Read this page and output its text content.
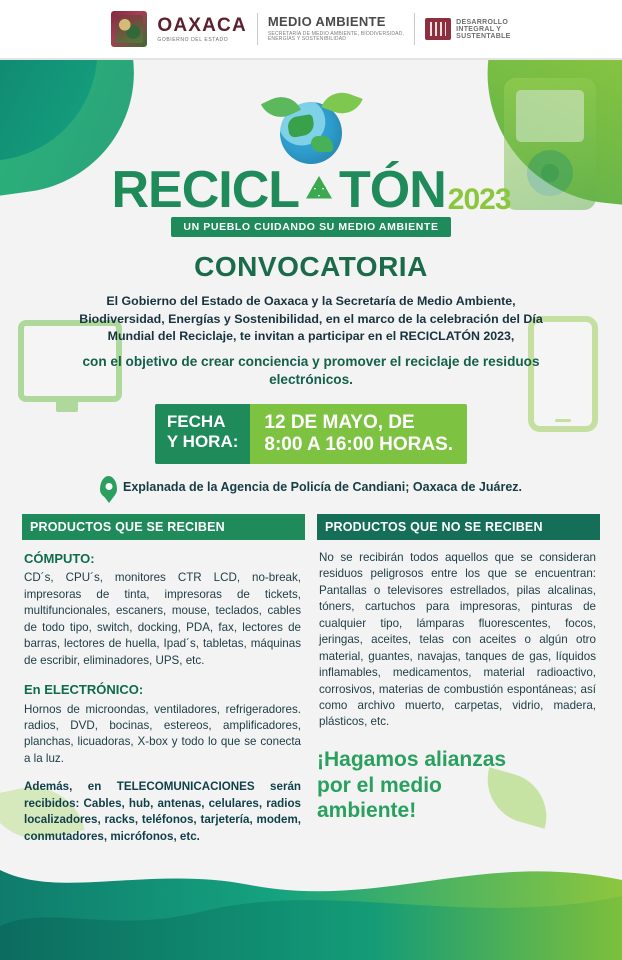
OAXACA
GOBIERNO DEL ESTADO
MEDIO AMBIENTE
SECRETARÍA DE MEDIO AMBIENTE, BIODIVERSIDAD,
ENERGÍAS Y SOSTENIBILIDAD
DESARROLLO
INTEGRAL Y
SUSTENTABLE
RECICL TÓN2023
UN PUEBLO CUIDANDO SU MEDIO AMBIENTE
CONVOCATORIA
El Gobierno del Estado de Oaxaca y la Secretaría de Medio Ambiente, Biodiversidad, Energías y Sostenibilidad, en el marco de la celebración del Día Mundial del Reciclaje, te invitan a participar en el RECICLATÓN 2023,
con el objetivo de crear conciencia y promover el reciclaje de residuos electrónicos.
FECHA
Y HORA:
12 DE MAYO, DE
8:00 A 16:00 HORAS.
Explanada de la Agencia de Policía de Candiani; Oaxaca de Juárez.
PRODUCTOS QUE SE RECIBEN
CÓMPUTO:
CD´s, CPU´s, monitores CTR LCD, no-break, impresoras de tinta, impresoras de tickets, multifuncionales, escaners, mouse, teclados, cables de todo tipo, switch, docking, PDA, fax, lectores de barras, lectores de huella, Ipad´s, tabletas, máquinas de escribir, eliminadores, UPS, etc.
En ELECTRÓNICO:
Hornos de microondas, ventiladores, refrigeradores. radios, DVD, bocinas, estereos, amplificadores, planchas, licuadoras, X-box y todo lo que se conecta a la luz.
Además, en TELECOMUNICACIONES serán recibidos: Cables, hub, antenas, celulares, radios localizadores, racks, teléfonos, tarjetería, modem, conmutadores, micrófonos, etc.
PRODUCTOS QUE NO SE RECIBEN
No se recibirán todos aquellos que se consideran residuos peligrosos entre los que se encuentran: Pantallas o televisores estrellados, pilas alcalinas, tóners, cartuchos para impresoras, pinturas de cualquier tipo, lámparas fluorescentes, focos, jeringas, aceites, telas con aceites o algún otro material, guantes, navajas, tanques de gas, líquidos inflamables, medicamentos, material radioactivo, corrosivos, materias de combustión espontáneas; así como archivo muerto, carpetas, vidrio, madera, plásticos, etc.
¡Hagamos alianzas
por el medio
ambiente!
